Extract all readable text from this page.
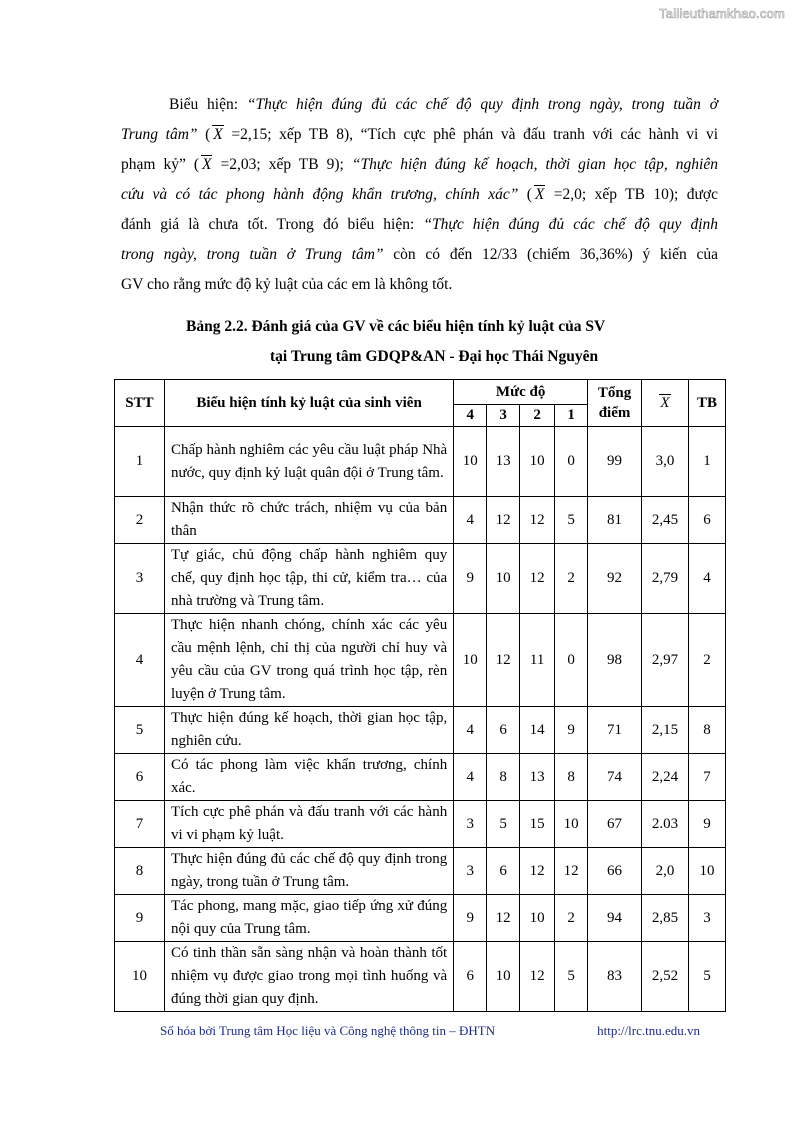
Tailieuthamkhao.com
Biểu hiện: “Thực hiện đúng đủ các chế độ quy định trong ngày, trong tuần ở
Trung tâm” ( X =2,15; xếp TB 8), “Tích cực phê phán và đấu tranh với các hành vi vi
phạm kỷ” ( X =2,03; xếp TB 9); “Thực hiện đúng kế hoạch, thời gian học tập, nghiên
cứu và có tác phong hành động khẩn trương, chính xác” ( X =2,0; xếp TB 10); được
đánh giá là chưa tốt. Trong đó biểu hiện: “Thực hiện đúng đủ các chế độ quy định
trong ngày, trong tuần ở Trung tâm” còn có đến 12/33 (chiếm 36,36%) ý kiến của
GV cho rằng mức độ kỷ luật của các em là không tốt.
Bảng 2.2. Đánh giá của GV về các biểu hiện tính kỷ luật của SV
tại Trung tâm GDQP&AN - Đại học Thái Nguyên
STT	Biểu hiện tính kỷ luật của sinh viên	Mức độ				Tổng điểm	X	TB
		4	3	2	1			
1	Chấp hành nghiêm các yêu cầu luật pháp Nhà nước, quy định kỷ luật quân đội ở Trung tâm.	10	13	10	0	99	3,0	1
2	Nhận thức rõ chức trách, nhiệm vụ của bản thân	4	12	12	5	81	2,45	6
3	Tự giác, chủ động chấp hành nghiêm quy chế, quy định học tập, thi cử, kiểm tra… của nhà trường và Trung tâm.	9	10	12	2	92	2,79	4
4	Thực hiện nhanh chóng, chính xác các yêu cầu mệnh lệnh, chỉ thị của người chỉ huy và yêu cầu của GV trong quá trình học tập, rèn luyện ở Trung tâm.	10	12	11	0	98	2,97	2
5	Thực hiện đúng kế hoạch, thời gian học tập, nghiên cứu.	4	6	14	9	71	2,15	8
6	Có tác phong làm việc khẩn trương, chính xác.	4	8	13	8	74	2,24	7
7	Tích cực phê phán và đấu tranh với các hành vi vi phạm kỷ luật.	3	5	15	10	67	2.03	9
8	Thực hiện đúng đủ các chế độ quy định trong ngày, trong tuần ở Trung tâm.	3	6	12	12	66	2,0	10
9	Tác phong, mang mặc, giao tiếp ứng xử đúng nội quy của Trung tâm.	9	12	10	2	94	2,85	3
10	Có tinh thần sẵn sàng nhận và hoàn thành tốt nhiệm vụ được giao trong mọi tình huống và đúng thời gian quy định.	6	10	12	5	83	2,52	5
Số hóa bởi Trung tâm Học liệu và Công nghệ thông tin – ĐHTN	http://lrc.tnu.edu.vn
